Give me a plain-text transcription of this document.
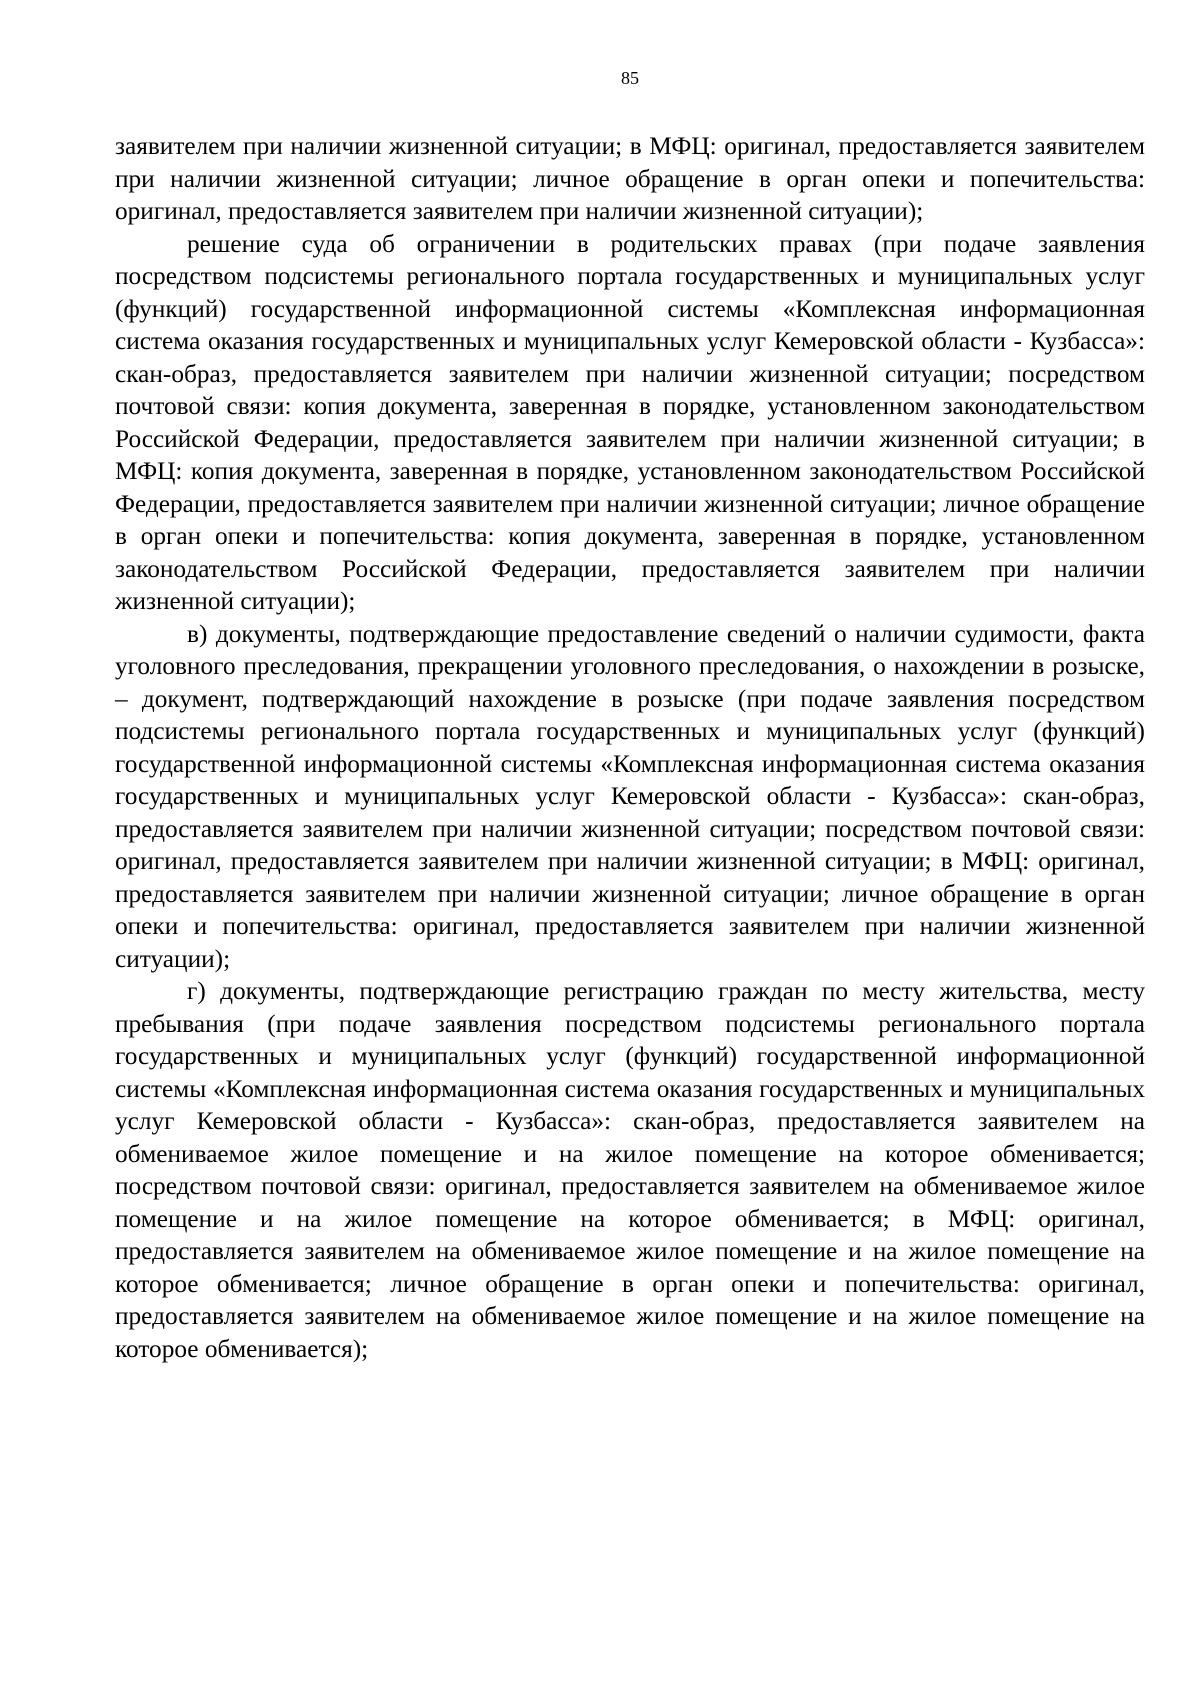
85

заявителем при наличии жизненной ситуации; в МФЦ: оригинал, предоставляется заявителем при наличии жизненной ситуации; личное обращение в орган опеки и попечительства: оригинал, предоставляется заявителем при наличии жизненной ситуации);

решение суда об ограничении в родительских правах (при подаче заявления посредством подсистемы регионального портала государственных и муниципальных услуг (функций) государственной информационной системы «Комплексная информационная система оказания государственных и муниципальных услуг Кемеровской области - Кузбасса»: скан-образ, предоставляется заявителем при наличии жизненной ситуации; посредством почтовой связи: копия документа, заверенная в порядке, установленном законодательством Российской Федерации, предоставляется заявителем при наличии жизненной ситуации; в МФЦ: копия документа, заверенная в порядке, установленном законодательством Российской Федерации, предоставляется заявителем при наличии жизненной ситуации; личное обращение в орган опеки и попечительства: копия документа, заверенная в порядке, установленном законодательством Российской Федерации, предоставляется заявителем при наличии жизненной ситуации);

в) документы, подтверждающие предоставление сведений о наличии судимости, факта уголовного преследования, прекращении уголовного преследования, о нахождении в розыске, – документ, подтверждающий нахождение в розыске (при подаче заявления посредством подсистемы регионального портала государственных и муниципальных услуг (функций) государственной информационной системы «Комплексная информационная система оказания государственных и муниципальных услуг Кемеровской области - Кузбасса»: скан-образ, предоставляется заявителем при наличии жизненной ситуации; посредством почтовой связи: оригинал, предоставляется заявителем при наличии жизненной ситуации; в МФЦ: оригинал, предоставляется заявителем при наличии жизненной ситуации; личное обращение в орган опеки и попечительства: оригинал, предоставляется заявителем при наличии жизненной ситуации);

г) документы, подтверждающие регистрацию граждан по месту жительства, месту пребывания (при подаче заявления посредством подсистемы регионального портала государственных и муниципальных услуг (функций) государственной информационной системы «Комплексная информационная система оказания государственных и муниципальных услуг Кемеровской области - Кузбасса»: скан-образ, предоставляется заявителем на обмениваемое жилое помещение и на жилое помещение на которое обменивается; посредством почтовой связи: оригинал, предоставляется заявителем на обмениваемое жилое помещение и на жилое помещение на которое обменивается; в МФЦ: оригинал, предоставляется заявителем на обмениваемое жилое помещение и на жилое помещение на которое обменивается; личное обращение в орган опеки и попечительства: оригинал, предоставляется заявителем на обмениваемое жилое помещение и на жилое помещение на которое обменивается);
